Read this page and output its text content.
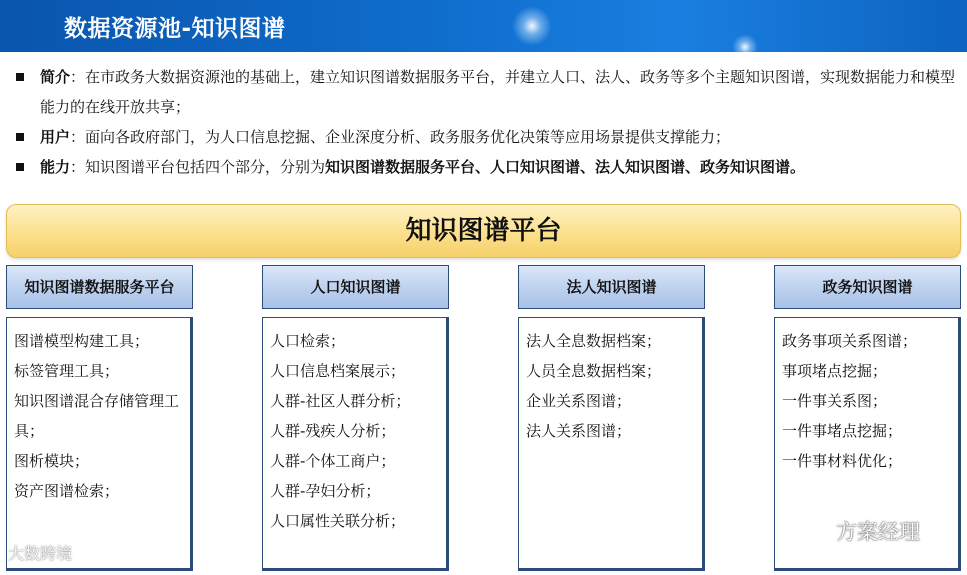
数据资源池-知识图谱
简介：在市政务大数据资源池的基础上，建立知识图谱数据服务平台，并建立人口、法人、政务等多个主题知识图谱，实现数据能力和模型能力的在线开放共享；
用户：面向各政府部门，为人口信息挖掘、企业深度分析、政务服务优化决策等应用场景提供支撑能力；
能力：知识图谱平台包括四个部分，分别为知识图谱数据服务平台、人口知识图谱、法人知识图谱、政务知识图谱。
知识图谱平台
知识图谱数据服务平台
图谱模型构建工具；
标签管理工具；
知识图谱混合存储管理工具；
图析模块；
资产图谱检索；
人口知识图谱
人口检索；
人口信息档案展示；
人群-社区人群分析；
人群-残疾人分析；
人群-个体工商户；
人群-孕妇分析；
人口属性关联分析；
法人知识图谱
法人全息数据档案；
人员全息数据档案；
企业关系图谱；
法人关系图谱；
政务知识图谱
政务事项关系图谱；
事项堵点挖掘；
一件事关系图；
一件事堵点挖掘；
一件事材料优化；
大数跨境
方案经理
